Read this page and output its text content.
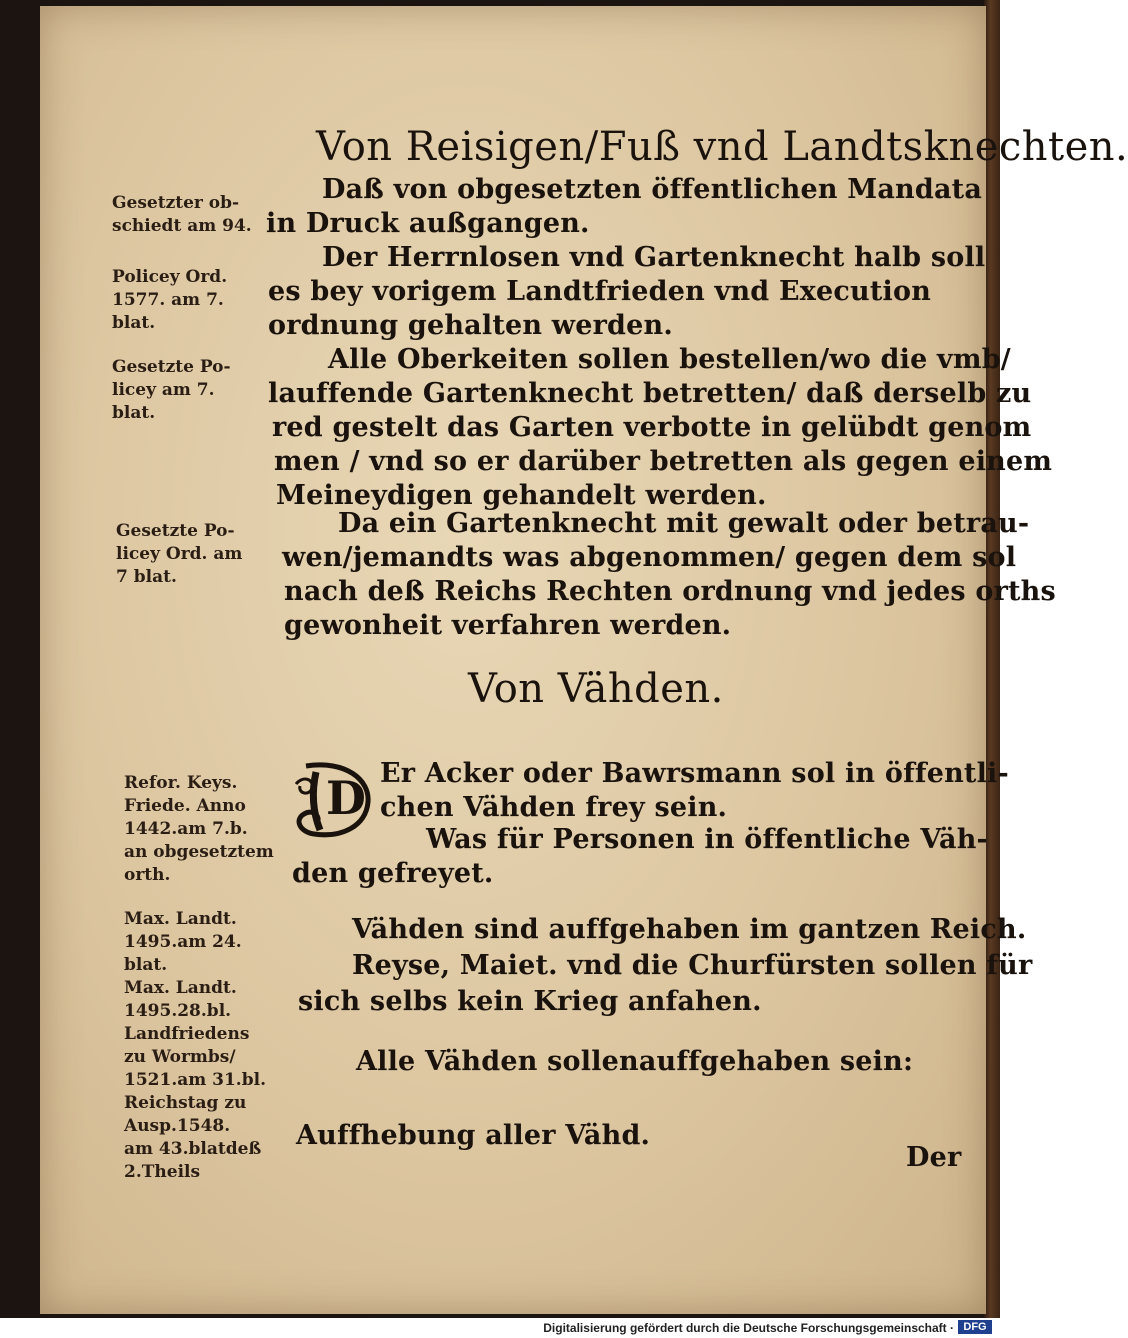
Von Reisigen/Fuß vnd Landtsknechten.
Daß von obgesetzten öffentlichen Mandata
in Druck außgangen.
Der Herrnlosen vnd Gartenknecht halb soll
es bey vorigem Landtfrieden vnd Execution
ordnung gehalten werden.
Alle Oberkeiten sollen bestellen/wo die vmb/
lauffende Gartenknecht betretten/ daß derselb zu
red gestelt das Garten verbotte in gelübdt genom
men / vnd so er darüber betretten als gegen einem
Meineydigen gehandelt werden.
Da ein Gartenknecht mit gewalt oder betrau-
wen/jemandts was abgenommen/ gegen dem sol
nach deß Reichs Rechten ordnung vnd jedes orths
gewonheit verfahren werden.
Von Vähden.
D Er Acker oder Bawrsmann sol in öffentli-
chen Vähden frey sein.
Was für Personen in öffentliche Väh-
den gefreyet.
Vähden sind auffgehaben im gantzen Reich.
Reyse, Maiet. vnd die Churfürsten sollen für
sich selbs kein Krieg anfahen.
Alle Vähden sollenauffgehaben sein:
Auffhebung aller Vähd.
Der
Gesetzter ob-
schiedt am 94.
Policey Ord.
1577. am 7.
blat.
Gesetzte Po-
licey am 7.
blat.
Gesetzte Po-
licey Ord. am
7 blat.
Refor. Keys.
Friede. Anno
1442.am 7.b.
an obgesetztem
orth.
Max. Landt.
1495.am 24.
blat.
Max. Landt.
1495.28.bl.
Landfriedens
zu Wormbs/
1521.am 31.bl.
Reichstag zu
Ausp.1548.
am 43.blatdeß
2.Theils
Digitalisierung gefördert durch die Deutsche Forschungsgemeinschaft · DFG
